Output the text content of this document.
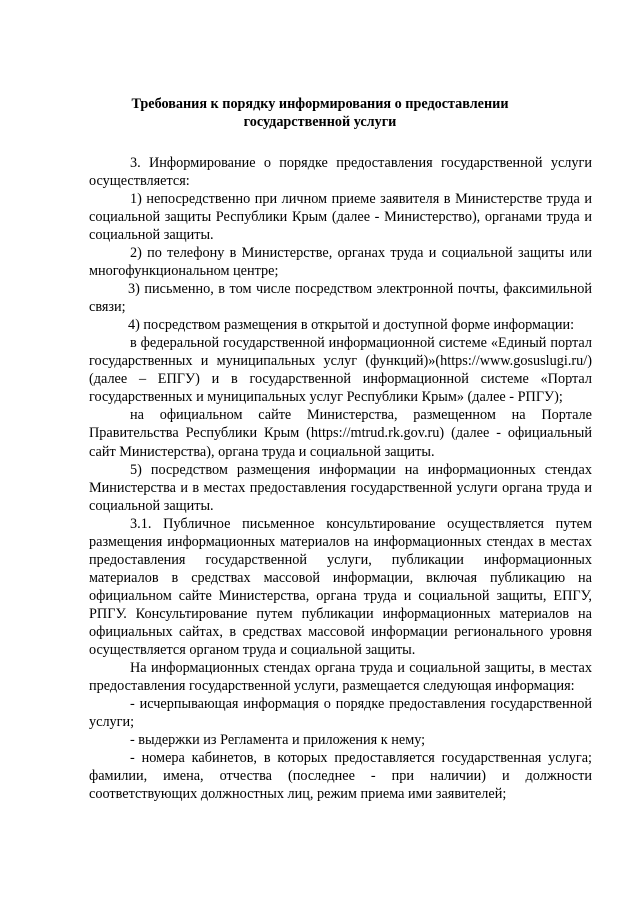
Требования к порядку информирования о предоставлении
государственной услуги

3. Информирование о порядке предоставления государственной услуги осуществляется:

1) непосредственно при личном приеме заявителя в Министерстве труда и социальной защиты Республики Крым (далее - Министерство), органами труда и социальной защиты.

2) по телефону в Министерстве, органах труда и социальной защиты или многофункциональном центре;

3) письменно, в том числе посредством электронной почты, факсимильной связи;

4) посредством размещения в открытой и доступной форме информации:

в федеральной государственной информационной системе «Единый портал государственных и муниципальных услуг (функций)»(https://www.gosuslugi.ru/) (далее – ЕПГУ) и в государственной информационной системе «Портал государственных и муниципальных услуг Республики Крым» (далее - РПГУ);

на официальном сайте Министерства, размещенном на Портале Правительства Республики Крым (https://mtrud.rk.gov.ru) (далее - официальный сайт Министерства), органа труда и социальной защиты.

5) посредством размещения информации на информационных стендах Министерства и в местах предоставления государственной услуги органа труда и социальной защиты.

3.1. Публичное письменное консультирование осуществляется путем размещения информационных материалов на информационных стендах в местах предоставления государственной услуги, публикации информационных материалов в средствах массовой информации, включая публикацию на официальном сайте Министерства, органа труда и социальной защиты, ЕПГУ, РПГУ. Консультирование путем публикации информационных материалов на официальных сайтах, в средствах массовой информации регионального уровня осуществляется органом труда и социальной защиты.

На информационных стендах органа труда и социальной защиты, в местах предоставления государственной услуги, размещается следующая информация:

- исчерпывающая информация о порядке предоставления государственной услуги;

- выдержки из Регламента и приложения к нему;

- номера кабинетов, в которых предоставляется государственная услуга; фамилии, имена, отчества (последнее - при наличии) и должности соответствующих должностных лиц, режим приема ими заявителей;
